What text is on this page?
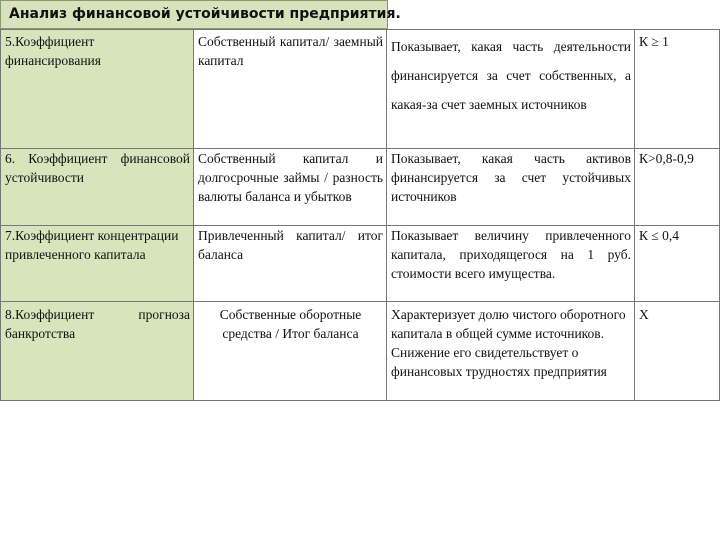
Анализ финансовой устойчивости предприятия.
5.Коэффициент финансирования	Собственный капитал/ заемный капитал	Показывает, какая часть деятельности финансируется за счет собственных, а какая-за счет заемных источников	К ≥ 1
6. Коэффициент финансовой устойчивости	Собственный капитал и долгосрочные займы / разность валюты баланса и убытков	Показывает, какая часть активов финансируется за счет устойчивых источников	К>0,8-0,9
7.Коэффициент концентрации привлеченного капитала	Привлеченный капитал/ итог баланса	Показывает величину привлеченного капитала, приходящегося на 1 руб. стоимости всего имущества.	К ≤ 0,4
8.Коэффициент прогноза банкротства	Собственные оборотные средства / Итог баланса	Характеризует долю чистого оборотного капитала в общей сумме источников. Снижение его свидетельствует о финансовых трудностях предприятия	Х
